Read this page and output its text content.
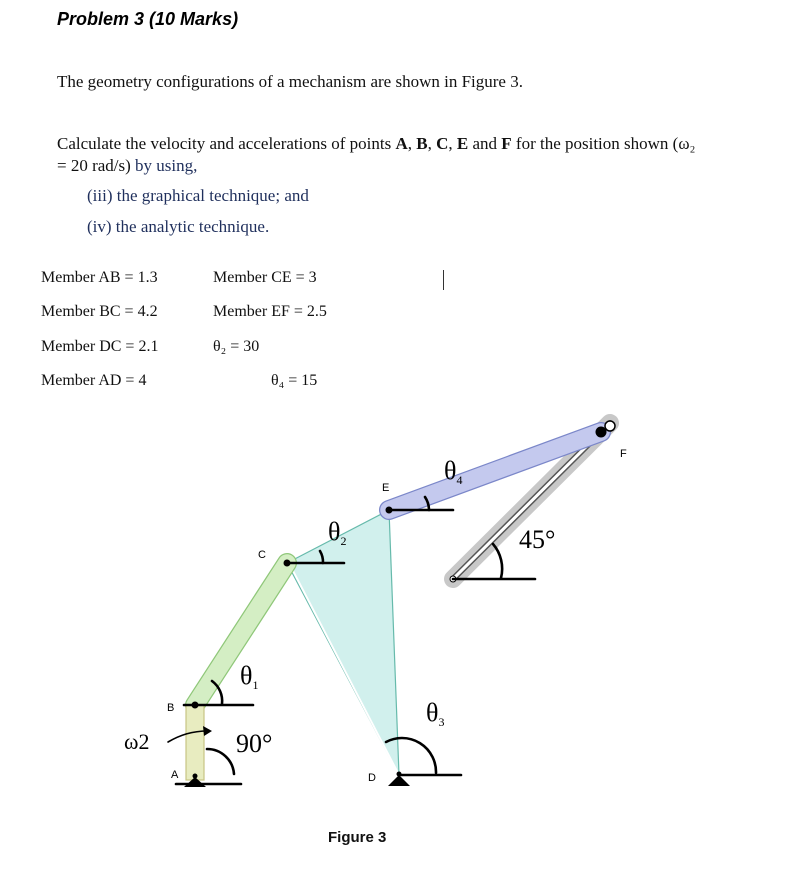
Problem 3 (10 Marks)
The geometry configurations of a mechanism are shown in Figure 3.
Calculate the velocity and accelerations of points A, B, C, E and F for the position shown (ω₂
= 20 rad/s) by using,
(iii) the graphical technique; and
(iv) the analytic technique.
Member AB = 1.3
Member BC = 4.2
Member DC = 2.1
Member AD = 4
Member CE = 3
Member EF = 2.5
θ₂ = 30
θ₄ = 15
A
B
C
D
E
F
θ1
θ2
θ3
θ4
90°
45°
ω2
Figure 3
